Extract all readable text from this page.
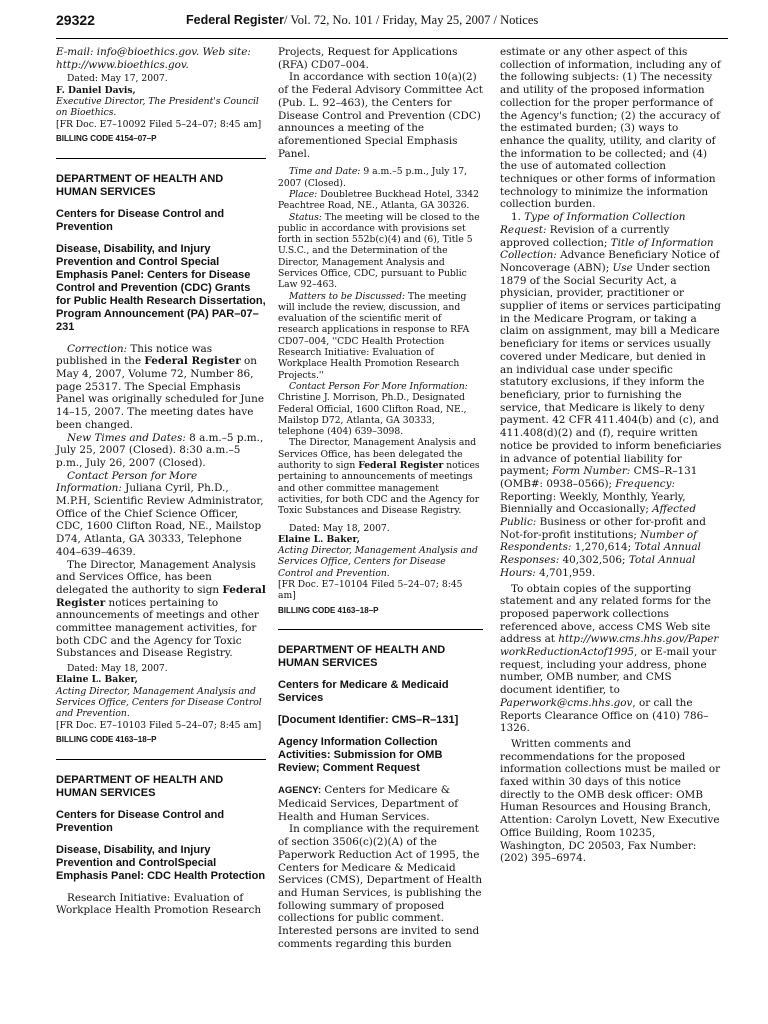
29322	Federal Register/ Vol. 72, No. 101 / Friday, May 25, 2007 / Notices

E-mail: info@bioethics.gov. Web site:
http://www.bioethics.gov.

Dated: May 17, 2007.

F. Daniel Davis,

Executive Director, The President's Council on Bioethics.

[FR Doc. E7–10092 Filed 5–24–07; 8:45 am]

BILLING CODE 4154–07–P

DEPARTMENT OF HEALTH AND HUMAN SERVICES

Centers for Disease Control and Prevention

Disease, Disability, and Injury Prevention and Control Special Emphasis Panel: Centers for Disease Control and Prevention (CDC) Grants for Public Health Research Dissertation, Program Announcement (PA) PAR–07–231

Correction: This notice was published in the Federal Register on May 4, 2007, Volume 72, Number 86, page 25317. The Special Emphasis Panel was originally scheduled for June 14–15, 2007. The meeting dates have been changed.

New Times and Dates: 8 a.m.–5 p.m., July 25, 2007 (Closed). 8:30 a.m.–5 p.m., July 26, 2007 (Closed).

Contact Person for More Information: Juliana Cyril, Ph.D., M.P.H, Scientific Review Administrator, Office of the Chief Science Officer, CDC, 1600 Clifton Road, NE., Mailstop D74, Atlanta, GA 30333, Telephone 404–639–4639.

The Director, Management Analysis and Services Office, has been delegated the authority to sign Federal Register notices pertaining to announcements of meetings and other committee management activities, for both CDC and the Agency for Toxic Substances and Disease Registry.

Dated: May 18, 2007.

Elaine L. Baker,

Acting Director, Management Analysis and Services Office, Centers for Disease Control and Prevention.

[FR Doc. E7–10103 Filed 5–24–07; 8:45 am]

BILLING CODE 4163–18–P

DEPARTMENT OF HEALTH AND HUMAN SERVICES

Centers for Disease Control and Prevention

Disease, Disability, and Injury Prevention and ControlSpecial Emphasis Panel: CDC Health Protection

Research Initiative: Evaluation of Workplace Health Promotion Research

Projects, Request for Applications (RFA) CD07–004.

In accordance with section 10(a)(2) of the Federal Advisory Committee Act (Pub. L. 92–463), the Centers for Disease Control and Prevention (CDC) announces a meeting of the aforementioned Special Emphasis Panel.

Time and Date: 9 a.m.–5 p.m., July 17, 2007 (Closed).

Place: Doubletree Buckhead Hotel, 3342 Peachtree Road, NE., Atlanta, GA 30326.

Status: The meeting will be closed to the public in accordance with provisions set forth in section 552b(c)(4) and (6), Title 5 U.S.C., and the Determination of the Director, Management Analysis and Services Office, CDC, pursuant to Public Law 92–463.

Matters to be Discussed: The meeting will include the review, discussion, and evaluation of the scientific merit of research applications in response to RFA CD07–004, ''CDC Health Protection Research Initiative: Evaluation of Workplace Health Promotion Research Projects.''

Contact Person For More Information: Christine J. Morrison, Ph.D., Designated Federal Official, 1600 Clifton Road, NE., Mailstop D72, Atlanta, GA 30333, telephone (404) 639–3098.

The Director, Management Analysis and Services Office, has been delegated the authority to sign Federal Register notices pertaining to announcements of meetings and other committee management activities, for both CDC and the Agency for Toxic Substances and Disease Registry.

Dated: May 18, 2007.

Elaine L. Baker,

Acting Director, Management Analysis and Services Office, Centers for Disease Control and Prevention.

[FR Doc. E7–10104 Filed 5–24–07; 8:45 am]

BILLING CODE 4163–18–P

DEPARTMENT OF HEALTH AND HUMAN SERVICES

Centers for Medicare & Medicaid Services

[Document Identifier: CMS–R–131]

Agency Information Collection Activities: Submission for OMB Review; Comment Request

AGENCY: Centers for Medicare & Medicaid Services, Department of Health and Human Services.

In compliance with the requirement of section 3506(c)(2)(A) of the Paperwork Reduction Act of 1995, the Centers for Medicare & Medicaid Services (CMS), Department of Health and Human Services, is publishing the following summary of proposed collections for public comment. Interested persons are invited to send comments regarding this burden

estimate or any other aspect of this collection of information, including any of the following subjects: (1) The necessity and utility of the proposed information collection for the proper performance of the Agency's function; (2) the accuracy of the estimated burden; (3) ways to enhance the quality, utility, and clarity of the information to be collected; and (4) the use of automated collection techniques or other forms of information technology to minimize the information collection burden.

1. Type of Information Collection Request: Revision of a currently approved collection; Title of Information Collection: Advance Beneficiary Notice of Noncoverage (ABN); Use Under section 1879 of the Social Security Act, a physician, provider, practitioner or supplier of items or services participating in the Medicare Program, or taking a claim on assignment, may bill a Medicare beneficiary for items or services usually covered under Medicare, but denied in an individual case under specific statutory exclusions, if they inform the beneficiary, prior to furnishing the service, that Medicare is likely to deny payment. 42 CFR 411.404(b) and (c), and 411.408(d)(2) and (f), require written notice be provided to inform beneficiaries in advance of potential liability for payment; Form Number: CMS–R–131 (OMB#: 0938–0566); Frequency: Reporting: Weekly, Monthly, Yearly, Biennially and Occasionally; Affected Public: Business or other for-profit and Not-for-profit institutions; Number of Respondents: 1,270,614; Total Annual Responses: 40,302,506; Total Annual Hours: 4,701,959.

To obtain copies of the supporting statement and any related forms for the proposed paperwork collections referenced above, access CMS Web site address at http://www.cms.hhs.gov/PaperworkReductionActof1995, or E-mail your request, including your address, phone number, OMB number, and CMS document identifier, to Paperwork@cms.hhs.gov, or call the Reports Clearance Office on (410) 786–1326.

Written comments and recommendations for the proposed information collections must be mailed or faxed within 30 days of this notice directly to the OMB desk officer: OMB Human Resources and Housing Branch, Attention: Carolyn Lovett, New Executive Office Building, Room 10235, Washington, DC 20503, Fax Number: (202) 395–6974.
